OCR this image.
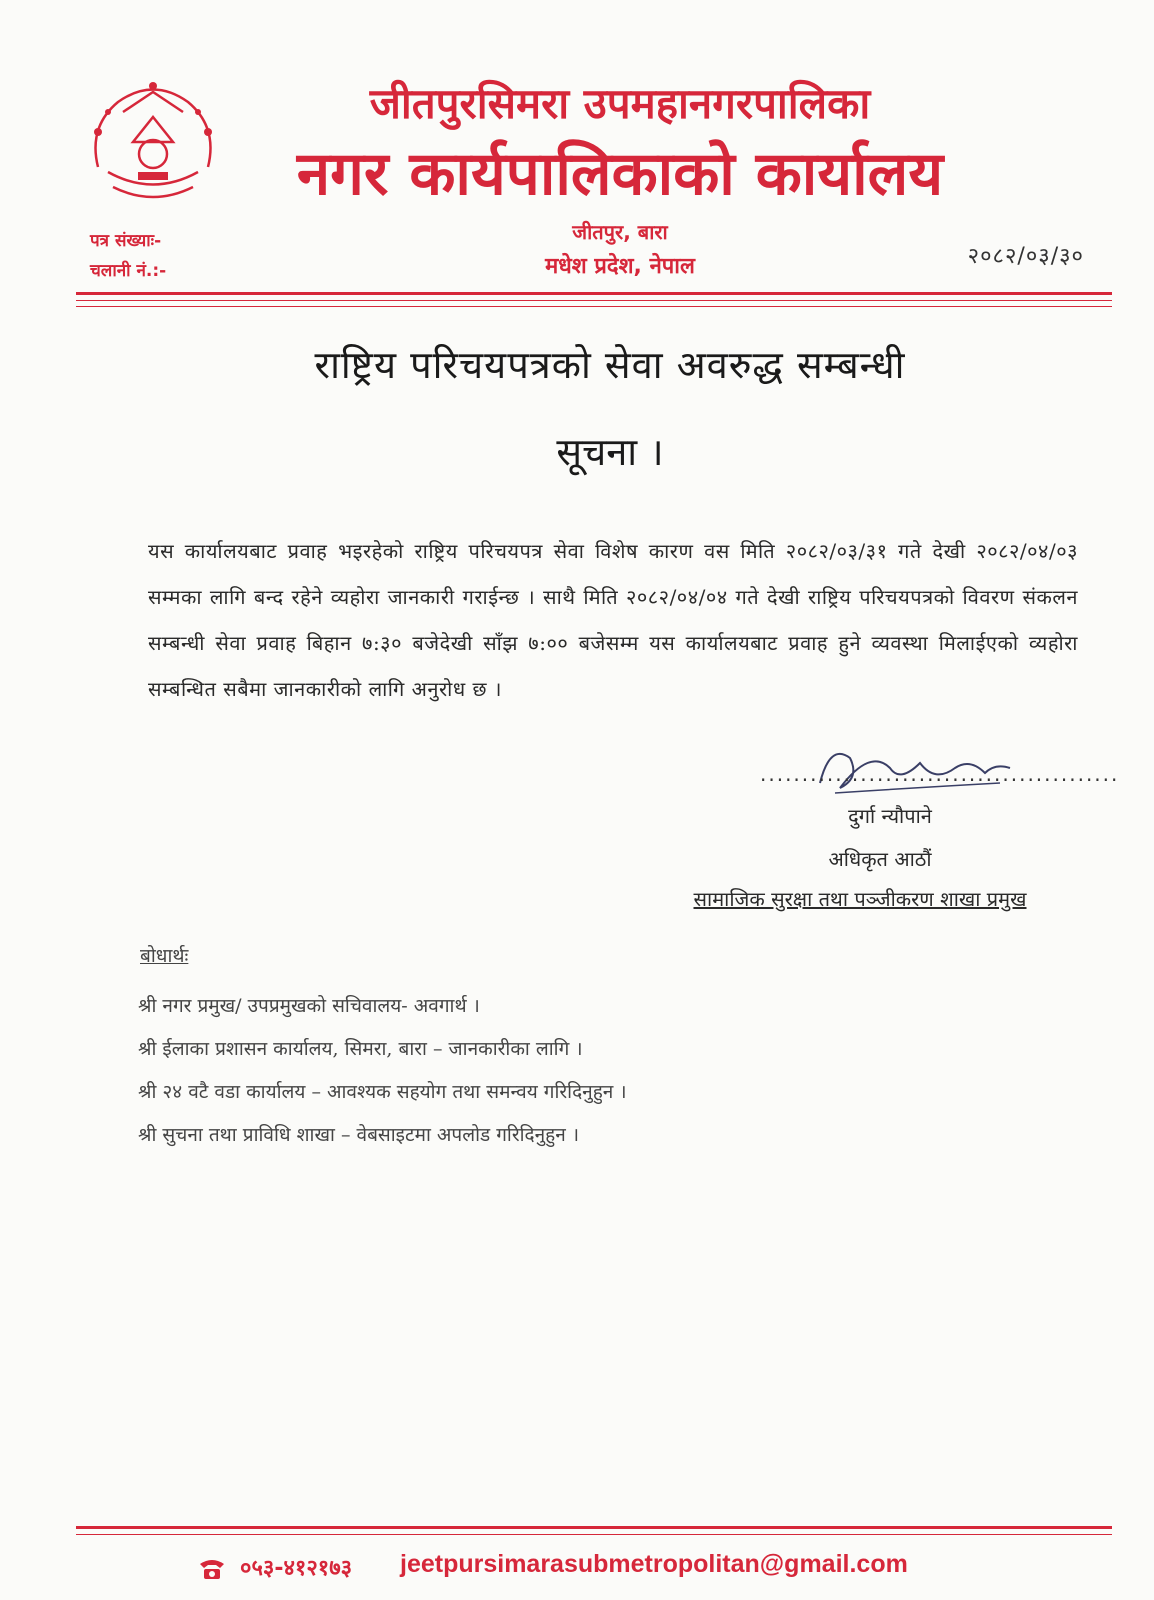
जीतपुरसिमरा उपमहानगरपालिका
नगर कार्यपालिकाको कार्यालय
जीतपुर, बारा
मधेश प्रदेश, नेपाल
पत्र संख्याः-
चलानी नं.:-
२०८२/०३/३०
राष्ट्रिय परिचयपत्रको सेवा अवरुद्ध सम्बन्धी
सूचना ।
यस कार्यालयबाट प्रवाह भइरहेको राष्ट्रिय परिचयपत्र सेवा विशेष कारण वस मिति २०८२/०३/३१ गते देखी २०८२/०४/०३ सम्मका लागि बन्द रहेने व्यहोरा जानकारी गराईन्छ । साथै मिति २०८२/०४/०४ गते देखी राष्ट्रिय परिचयपत्रको विवरण संकलन सम्बन्धी सेवा प्रवाह बिहान ७:३० बजेदेखी साँझ ७:०० बजेसम्म यस कार्यालयबाट प्रवाह हुने व्यवस्था मिलाईएको व्यहोरा सम्बन्धित सबैमा जानकारीको लागि अनुरोध छ ।
...........................................
दुर्गा न्यौपाने
अधिकृत आठौं
सामाजिक सुरक्षा तथा पञ्जीकरण शाखा प्रमुख
बोधार्थः
श्री नगर प्रमुख/ उपप्रमुखको सचिवालय- अवगार्थ ।
श्री ईलाका प्रशासन कार्यालय, सिमरा, बारा – जानकारीका लागि ।
श्री २४ वटै वडा कार्यालय – आवश्यक सहयोग तथा समन्वय गरिदिनुहुन ।
श्री सुचना तथा प्राविधि शाखा – वेबसाइटमा अपलोड गरिदिनुहुन ।
०५३-४१२१७३ jeetpursimarasubmetropolitan@gmail.com
